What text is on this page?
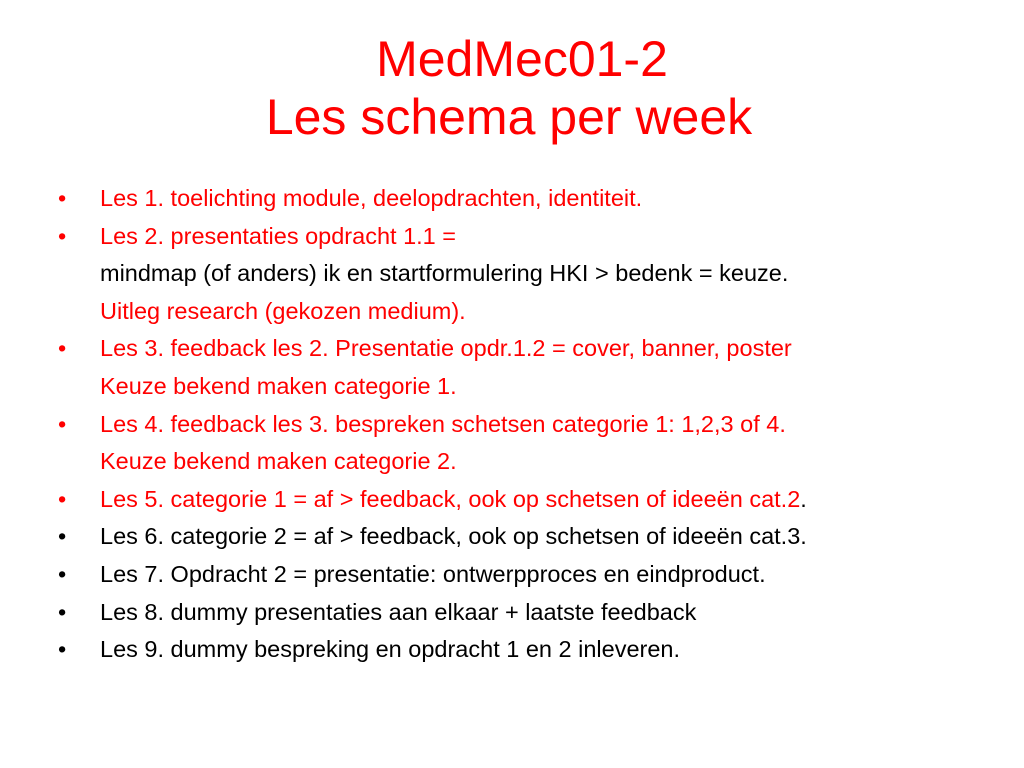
MedMec01-2
Les schema per week
• Les 1. toelichting module, deelopdrachten, identiteit.
• Les 2. presentaties opdracht 1.1 =
mindmap (of anders) ik en startformulering HKI > bedenk = keuze.
Uitleg research (gekozen medium).
• Les 3. feedback les 2. Presentatie opdr.1.2 = cover, banner, poster
Keuze bekend maken categorie 1.
• Les 4. feedback les 3. bespreken schetsen categorie 1: 1,2,3 of 4.
Keuze bekend maken categorie 2.
• Les 5. categorie 1 = af > feedback, ook op schetsen of ideeën cat.2.
• Les 6. categorie 2 = af > feedback, ook op schetsen of ideeën cat.3.
• Les 7. Opdracht 2 = presentatie: ontwerpproces en eindproduct.
• Les 8. dummy presentaties aan elkaar + laatste feedback
• Les 9. dummy bespreking en opdracht 1 en 2 inleveren.
